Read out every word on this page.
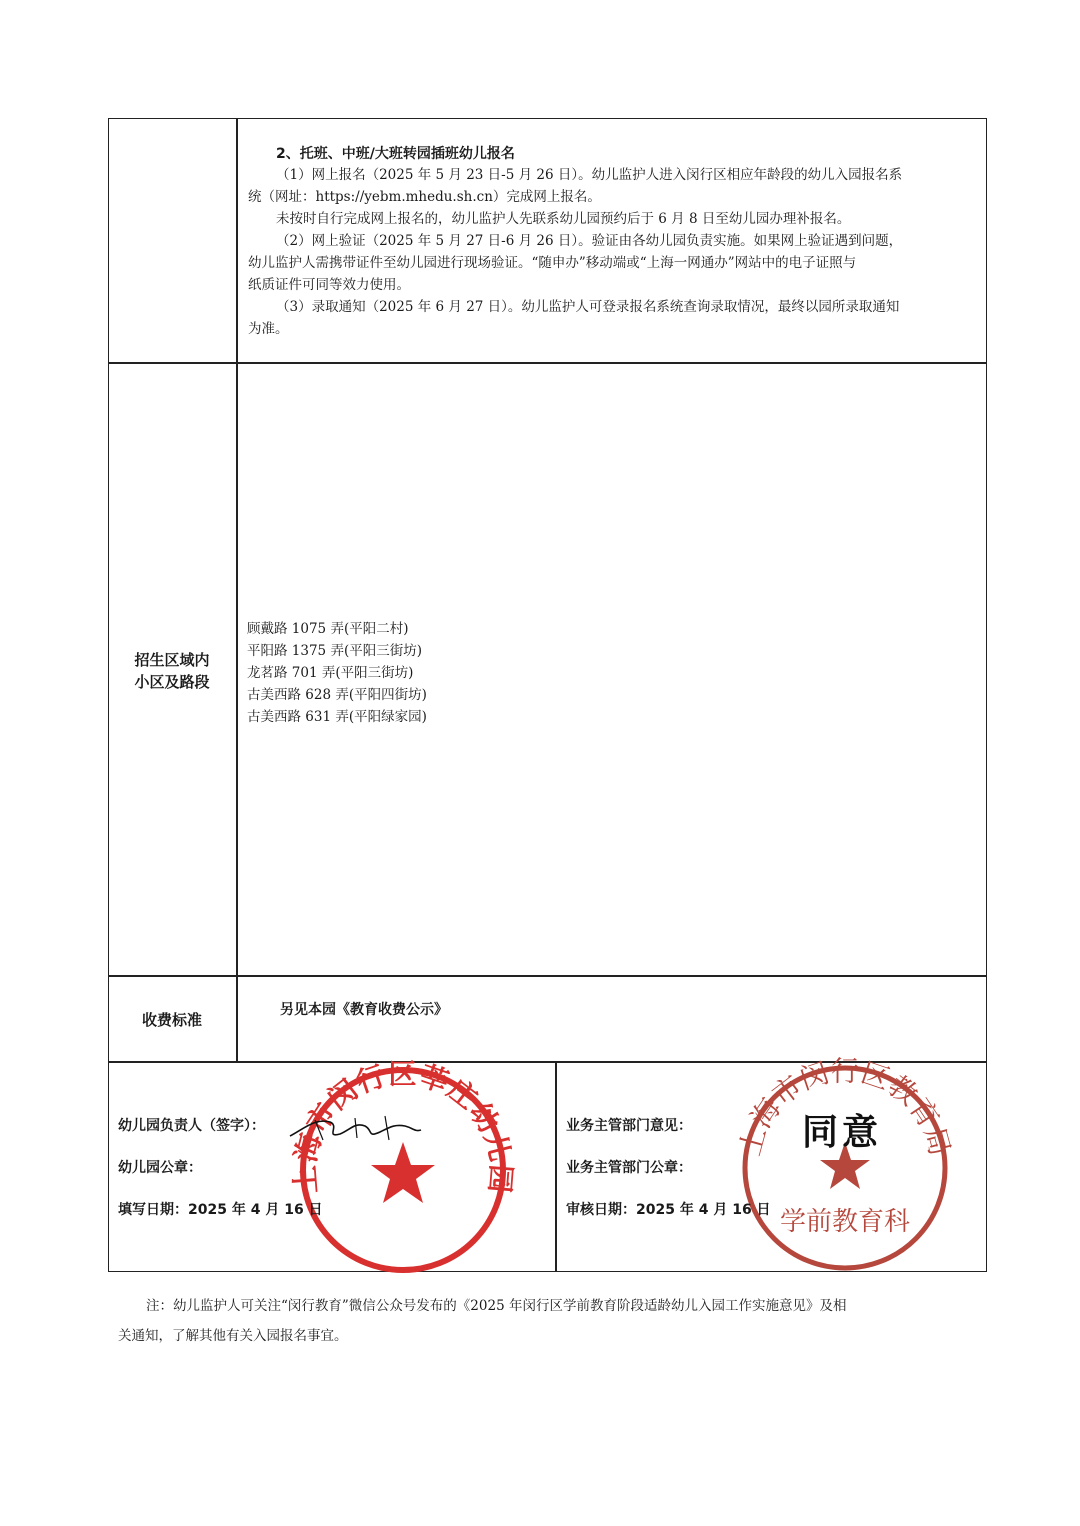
2、托班、中班/大班转园插班幼儿报名
（1）网上报名（2025 年 5 月 23 日-5 月 26 日）。幼儿监护人进入闵行区相应年龄段的幼儿入园报名系
统（网址：https://yebm.mhedu.sh.cn）完成网上报名。
未按时自行完成网上报名的，幼儿监护人先联系幼儿园预约后于 6 月 8 日至幼儿园办理补报名。
（2）网上验证（2025 年 5 月 27 日-6 月 26 日）。验证由各幼儿园负责实施。如果网上验证遇到问题，
幼儿监护人需携带证件至幼儿园进行现场验证。“随申办”移动端或“上海一网通办”网站中的电子证照与
纸质证件可同等效力使用。
（3）录取通知（2025 年 6 月 27 日）。幼儿监护人可登录报名系统查询录取情况，最终以园所录取通知
为准。
招生区域内
小区及路段
顾戴路 1075 弄(平阳二村)
平阳路 1375 弄(平阳三街坊)
龙茗路 701 弄(平阳三街坊)
古美西路 628 弄(平阳四街坊)
古美西路 631 弄(平阳绿家园)
收费标准
另见本园《教育收费公示》
上海市闵行区莘庄幼儿园
幼儿园负责人（签字）：
幼儿园公章：
填写日期：2025 年 4 月 16 日
上海市闵行区教育局
学前教育科
同意
业务主管部门意见：
业务主管部门公章：
审核日期：2025 年 4 月 16 日
注：幼儿监护人可关注“闵行教育”微信公众号发布的《2025 年闵行区学前教育阶段适龄幼儿入园工作实施意见》及相
关通知，了解其他有关入园报名事宜。
